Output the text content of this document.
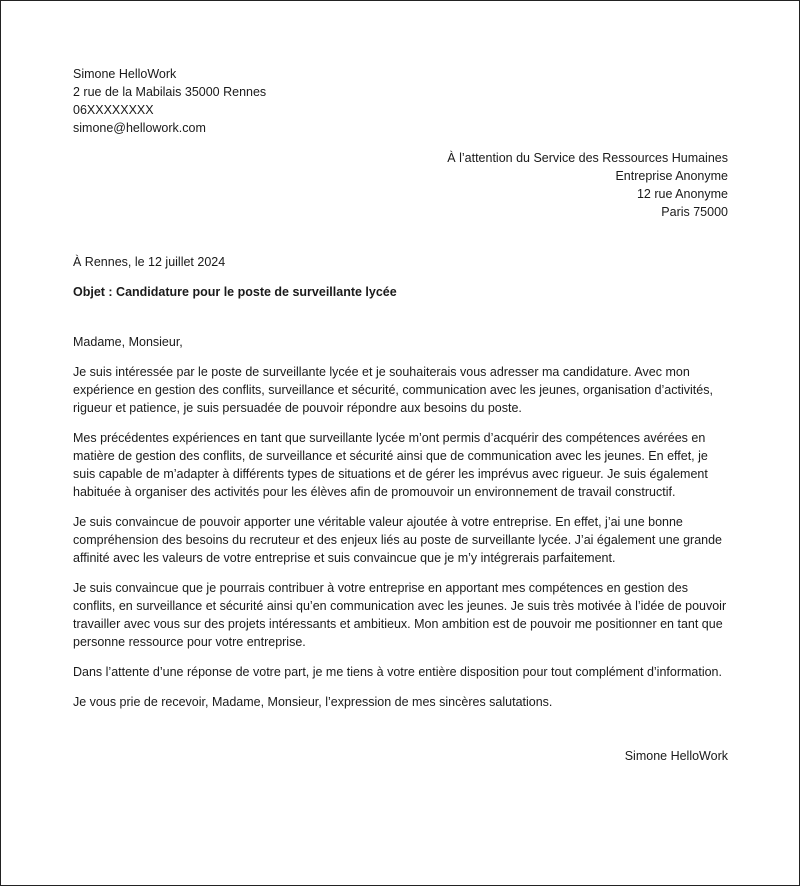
Simone HelloWork
2 rue de la Mabilais 35000 Rennes
06XXXXXXXX
simone@hellowork.com
À l’attention du Service des Ressources Humaines
Entreprise Anonyme
12 rue Anonyme
Paris 75000
À Rennes, le 12 juillet 2024
Objet : Candidature pour le poste de surveillante lycée
Madame, Monsieur,
Je suis intéressée par le poste de surveillante lycée et je souhaiterais vous adresser ma candidature. Avec mon expérience en gestion des conflits, surveillance et sécurité, communication avec les jeunes, organisation d’activités, rigueur et patience, je suis persuadée de pouvoir répondre aux besoins du poste.
Mes précédentes expériences en tant que surveillante lycée m’ont permis d’acquérir des compétences avérées en matière de gestion des conflits, de surveillance et sécurité ainsi que de communication avec les jeunes. En effet, je suis capable de m’adapter à différents types de situations et de gérer les imprévus avec rigueur. Je suis également habituée à organiser des activités pour les élèves afin de promouvoir un environnement de travail constructif.
Je suis convaincue de pouvoir apporter une véritable valeur ajoutée à votre entreprise. En effet, j’ai une bonne compréhension des besoins du recruteur et des enjeux liés au poste de surveillante lycée. J’ai également une grande affinité avec les valeurs de votre entreprise et suis convaincue que je m’y intégrerais parfaitement.
Je suis convaincue que je pourrais contribuer à votre entreprise en apportant mes compétences en gestion des conflits, en surveillance et sécurité ainsi qu’en communication avec les jeunes. Je suis très motivée à l’idée de pouvoir travailler avec vous sur des projets intéressants et ambitieux. Mon ambition est de pouvoir me positionner en tant que personne ressource pour votre entreprise.
Dans l’attente d’une réponse de votre part, je me tiens à votre entière disposition pour tout complément d’information.
Je vous prie de recevoir, Madame, Monsieur, l’expression de mes sincères salutations.
Simone HelloWork
